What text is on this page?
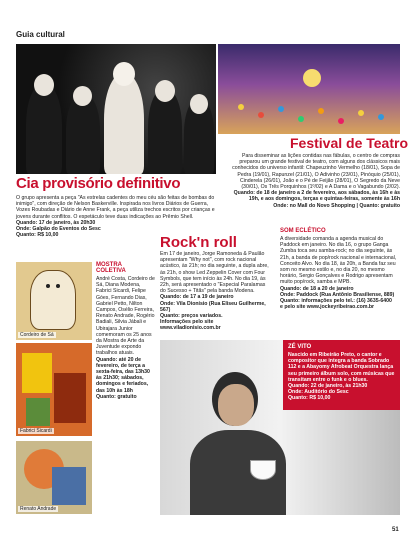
Guia cultural
Cia provisório definitivo

O grupo apresenta a peça "As estrelas cadentes do meu céu são feitas de bombas do inimigo", com direção de Nelson Baskerville. Inspirada nos livros Diários de Guerra, Vozes Roubadas e Diário de Anne Frank, a peça utiliza trechos escritos por crianças e jovens durante conflitos. O espetáculo teve duas indicações ao Prêmio Shell.

Quando: 17 de janeiro, às 20h30

Onde: Galpão do Eventos do Sesc

Quanto: R$ 10,00

Festival de Teatro

Para disseminar as lições contidas nas fábulas, o centro de compras preparou um grande festival de teatro, com alguns dos clássicos mais conhecidos do universo infantil: Chapeuzinho Vermelho (18/01), Sopa de Pedra (19/01), Rapunzel (21/01), O Adivinho (23/01), Pinóquio (25/01), Cinderela (26/01), João e o Pé de Feijão (28/01), O Segredo da Neve (30/01), Os Três Porquinhos (1º/02) e A Dama e o Vagabundo (2/02).

Quando: de 18 de janeiro a 2 de fevereiro, aos sábados, às 16h e às 19h, e aos domingos, terças e quintas-feiras, somente às 16h

Onde: no Mall do Novo Shopping | Quanto: gratuito

Cordeiro de Sá
Fabrici Sicardi
Renato Andrade

MOSTRA

COLETIVA

André Costa, Cordeiro de Sá, Diana Modena, Fabrici Sicardi, Felipe Góes, Fernando Dias, Gabriel Petto, Nilton Campos, Osélio Ferreira, Renato Andrade, Rogério Badiali, Silvia Jábali e Ubirajara Junior comemoram os 25 anos da Mostra de Arte da Juventude expondo trabalhos atuais.

Quando: até 20 de fevereiro, de terça a sexta-feira, das 13h30 às 21h30; sábados, domingos e feriados, das 10h às 18h

Quanto: gratuito

Rock'n roll

Em 17 de janeiro, Jorge Ramoneda & Paulão apresentam "Why not", com rock nacional acústico, às 21h; no dia seguinte, a dupla abre, às 21h, o show Led Zeppelin Cover com Four Symbols, que tem início às 24h. No dia 19, às 22h, será apresentado o "Especial Paralamas do Sucesso + Titãs" pela banda Modena.

Quando: de 17 a 19 de janeiro

Onde: Vila Dionísio (Rua Eliseu Guilherme, 567)

Quanto: preços variados.

Informações pelo site www.viladionisio.com.br

SOM ECLÉTICO

A diversidade comanda a agenda musical do Paddock em janeiro. No dia 16, o grupo Ganga Zumba toca seu samba-rock; no dia seguinte, às 21h, a banda de pop/rock nacional e internacional, Conceito Alvo. No dia 18, às 20h, a Banda faz seu som no mesmo estilo e, no dia 20, no mesmo horário, Sergio Gonçalves e Rodrigo apresentam muito pop/rock, samba e MPB.

Quando: de 18 a 20 de janeiro

Onde: Paddock (Rua Antônio Brasiliense, 889)

Quanto: informações pelo tel.: (16) 3635-6400

e pelo site www.jockeyribeirao.com.br

ZÉ VITO

Nascido em Ribeirão Preto, o cantor e compositor que integra a banda Sobrado 112 e a Abayomy Afrobeat Orquestra lança seu primeiro álbum solo, com músicas que transitam entre o funk e o blues.

Quando: 22 de janeiro, às 21h30

Onde: Auditório do Sesc

Quanto: R$ 10,00

51
